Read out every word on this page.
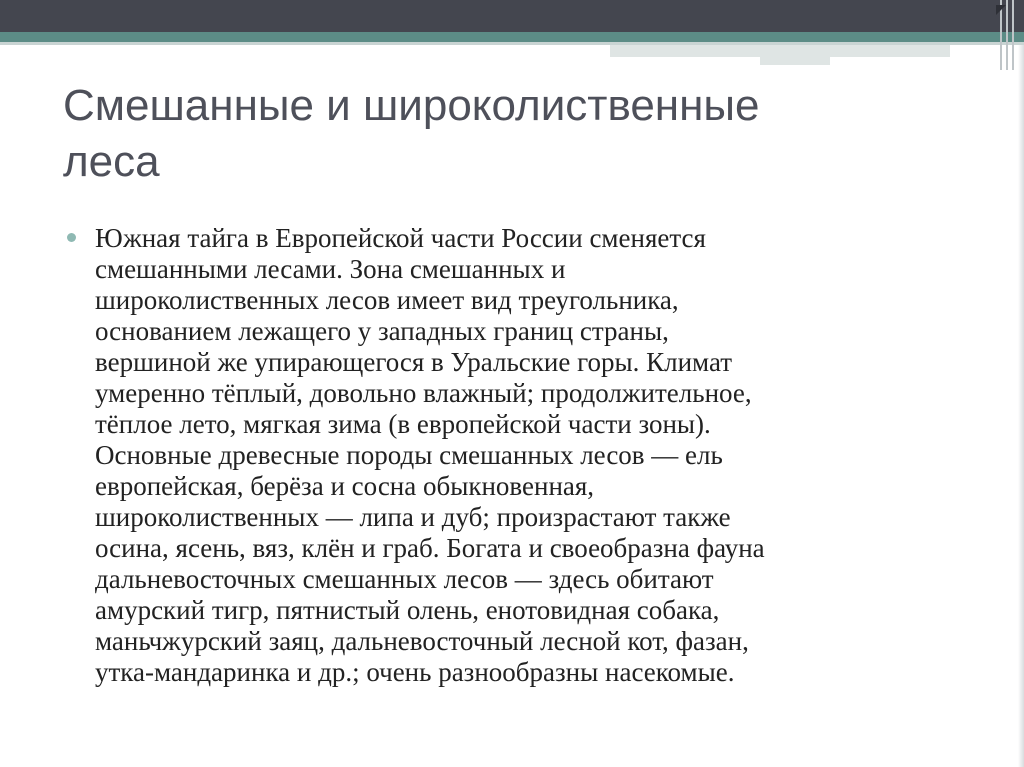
Смешанные и широколиственные
леса
Южная тайга в Европейской части России сменяется
смешанными лесами. Зона смешанных и
широколиственных лесов имеет вид треугольника,
основанием лежащего у западных границ страны,
вершиной же упирающегося в Уральские горы. Климат
умеренно тёплый, довольно влажный; продолжительное,
тёплое лето, мягкая зима (в европейской части зоны).
Основные древесные породы смешанных лесов — ель
европейская, берёза и сосна обыкновенная,
широколиственных — липа и дуб; произрастают также
осина, ясень, вяз, клён и граб. Богата и своеобразна фауна
дальневосточных смешанных лесов — здесь обитают
амурский тигр, пятнистый олень, енотовидная собака,
маньчжурский заяц, дальневосточный лесной кот, фазан,
утка-мандаринка и др.; очень разнообразны насекомые.
